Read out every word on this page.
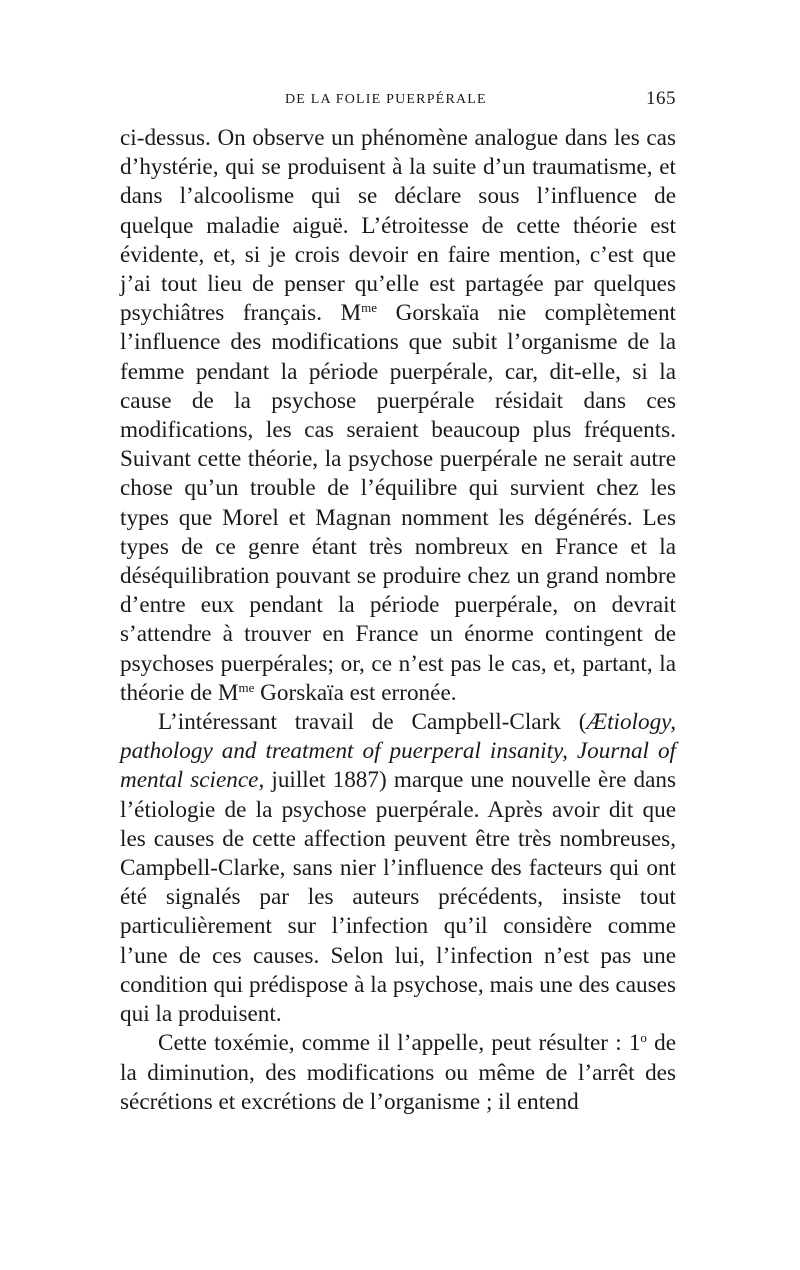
DE LA FOLIE PUERPÉRALE	165

ci-dessus. On observe un phénomène analogue dans les cas d’hystérie, qui se produisent à la suite d’un traumatisme, et dans l’alcoolisme qui se déclare sous l’influence de quelque maladie aiguë. L’étroitesse de cette théorie est évidente, et, si je crois devoir en faire mention, c’est que j’ai tout lieu de penser qu’elle est partagée par quelques psychiâtres français. $M^{me}$ Gorskaïa nie complètement l’influence des modifications que subit l’organisme de la femme pendant la période puerpérale, car, dit-elle, si la cause de la psychose puerpérale résidait dans ces modifications, les cas seraient beaucoup plus fréquents. Suivant cette théorie, la psychose puerpérale ne serait autre chose qu’un trouble de l’équilibre qui survient chez les types que Morel et Magnan nomment les dégénérés. Les types de ce genre étant très nombreux en France et la déséquilibration pouvant se produire chez un grand nombre d’entre eux pendant la période puerpérale, on devrait s’attendre à trouver en France un énorme contingent de psychoses puerpérales; or, ce n’est pas le cas, et, partant, la théorie de $M^{me}$ Gorskaïa est erronée.

L’intéressant travail de Campbell-Clark (Ætiology, pathology and treatment of puerperal insanity, Journal of mental science, juillet 1887) marque une nouvelle ère dans l’étiologie de la psychose puerpérale. Après avoir dit que les causes de cette affection peuvent être très nombreuses, Campbell-Clarke, sans nier l’influence des facteurs qui ont été signalés par les auteurs précédents, insiste tout particulièrement sur l’infection qu’il considère comme l’une de ces causes. Selon lui, l’infection n’est pas une condition qui prédispose à la psychose, mais une des causes qui la produisent.

Cette toxémie, comme il l’appelle, peut résulter : 1$^o$ de la diminution, des modifications ou même de l’arrêt des sécrétions et excrétions de l’organisme ; il entend
